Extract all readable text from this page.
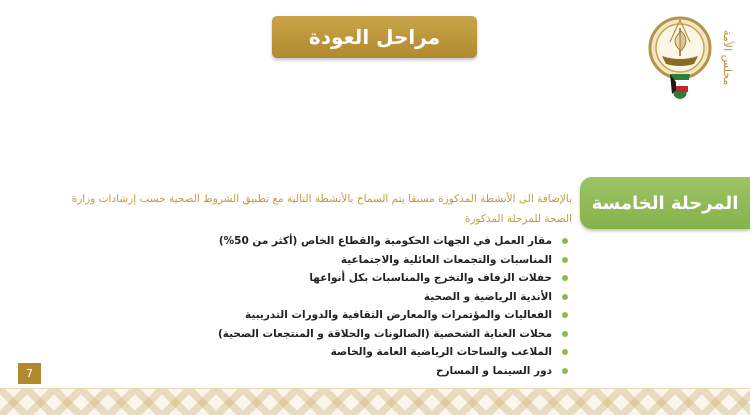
مراحل العودة	مجلس الأمة
المرحلة الخامسة

بالإضافة الى الأنشطة المذكورة مسبقا يتم السماح بالأنشطة التالية مع تطبيق الشروط الصحية حسب إرشادات وزارة الصحة للمرحلة المذكورة

مقار العمل في الجهات الحكومية والقطاع الخاص (أكثر من 50%)
المناسبات والتجمعات العائلية والاجتماعية
حفلات الزفاف والتخرج والمناسبات بكل أنواعها
الأندية الرياضية و الصحية
الفعاليات والمؤتمرات والمعارض الثقافية والدورات التدريبية
محلات العناية الشخصية (الصالونات والحلاقة و المنتجعات الصحية)
الملاعب والساحات الرياضية العامة والخاصة
دور السينما و المسارح
7
